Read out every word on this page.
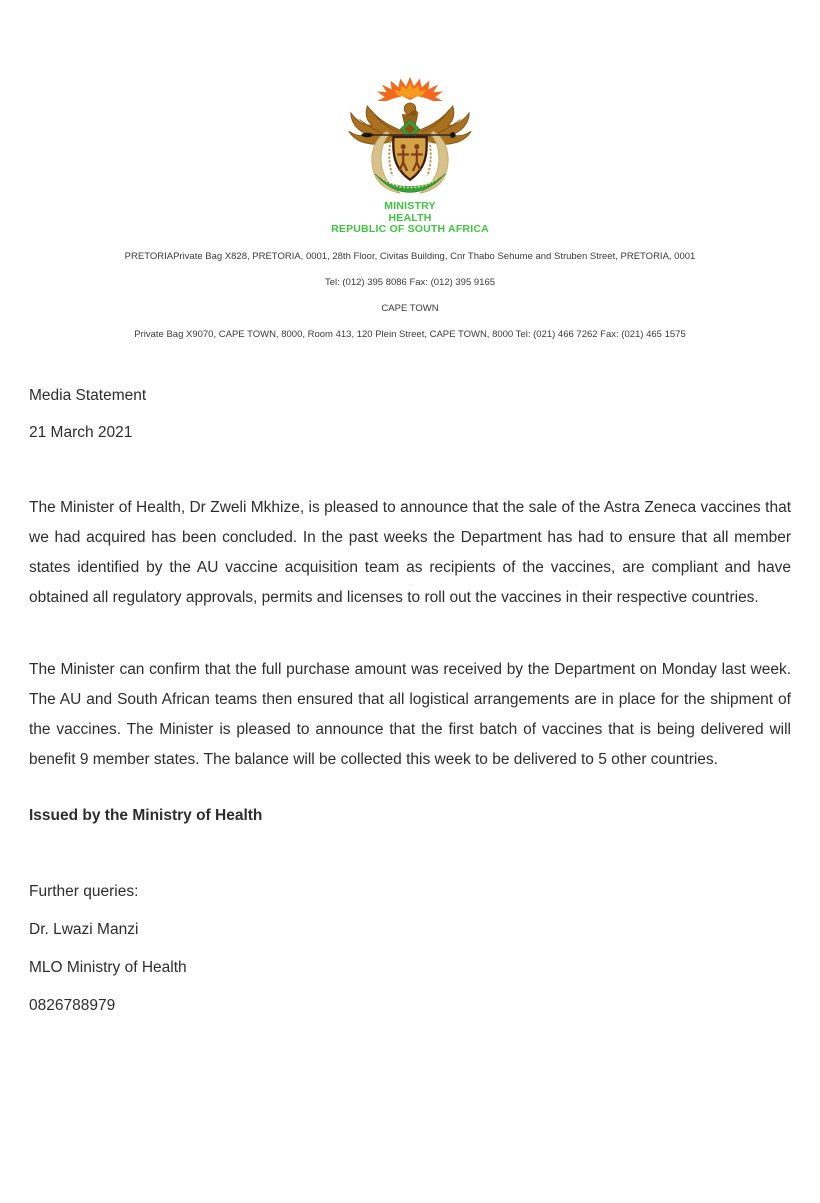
MINISTRY
HEALTH
REPUBLIC OF SOUTH AFRICA
PRETORIAPrivate Bag X828, PRETORIA, 0001, 28th Floor, Civitas Building, Cnr Thabo Sehume and Struben Street, PRETORIA, 0001
Tel: (012) 395 8086 Fax: (012) 395 9165
CAPE TOWN
Private Bag X9070, CAPE TOWN, 8000, Room 413, 120 Plein Street, CAPE TOWN, 8000 Tel: (021) 466 7262 Fax: (021) 465 1575
Media Statement
21 March 2021
The Minister of Health, Dr Zweli Mkhize, is pleased to announce that the sale of the Astra Zeneca vaccines that we had acquired has been concluded. In the past weeks the Department has had to ensure that all member states identified by the AU vaccine acquisition team as recipients of the vaccines, are compliant and have obtained all regulatory approvals, permits and licenses to roll out the vaccines in their respective countries.
The Minister can confirm that the full purchase amount was received by the Department on Monday last week. The AU and South African teams then ensured that all logistical arrangements are in place for the shipment of the vaccines. The Minister is pleased to announce that the first batch of vaccines that is being delivered will benefit 9 member states. The balance will be collected this week to be delivered to 5 other countries.
Issued by the Ministry of Health
Further queries:
Dr. Lwazi Manzi
MLO Ministry of Health
0826788979
